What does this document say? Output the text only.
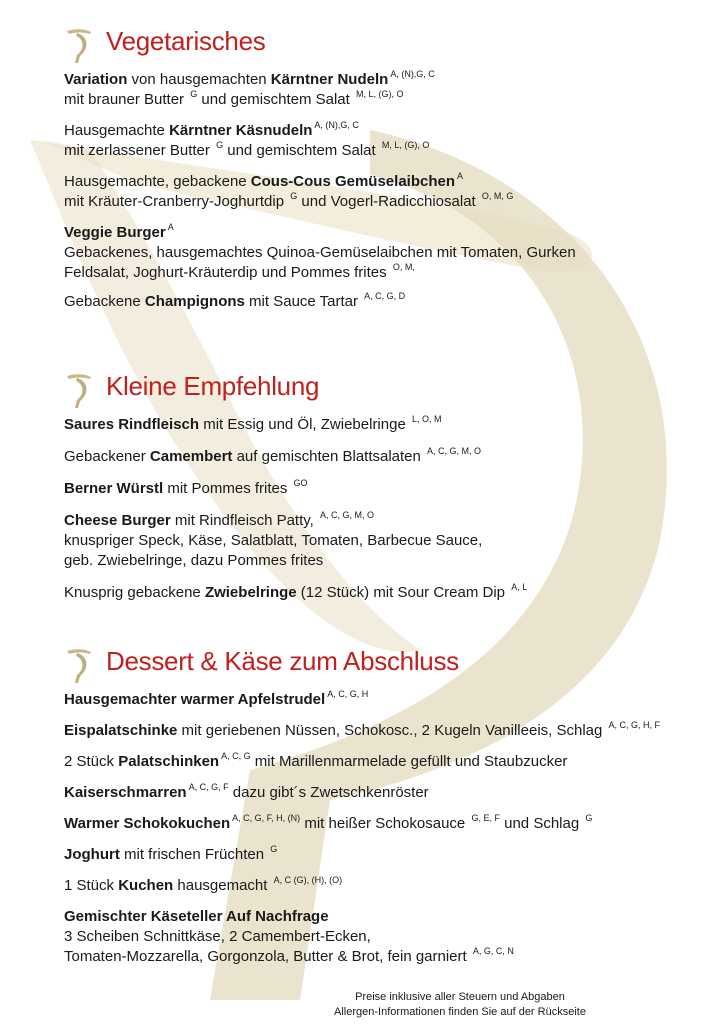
Vegetarisches
Variation von hausgemachten Kärntner Nudeln $^{A, (N),G, C}$
mit brauner Butter $^G$ und gemischtem Salat $^{M, L, (G), O}$
Hausgemachte Kärntner Käsnudeln $^{A, (N),G, C}$
mit zerlassener Butter $^G$ und gemischtem Salat $^{M, L, (G), O}$
Hausgemachte, gebackene Cous-Cous Gemüselaibchen $^A$
mit Kräuter-Cranberry-Joghurtdip $^G$ und Vogerl-Radicchiosalat $^{O, M, G}$
Veggie Burger $^A$
Gebackenes, hausgemachtes Quinoa-Gemüselaibchen mit Tomaten, Gurken
Feldsalat, Joghurt-Kräuterdip und Pommes frites $^{O, M,}$
Gebackene Champignons mit Sauce Tartar $^{A, C, G, D}$
Kleine Empfehlung
Saures Rindfleisch mit Essig und Öl, Zwiebelringe $^{L, O, M}$
Gebackener Camembert auf gemischten Blattsalaten $^{A, C, G, M, O}$
Berner Würstl mit Pommes frites $^{GO}$
Cheese Burger mit Rindfleisch Patty, $^{A, C, G, M, O}$
knuspriger Speck, Käse, Salatblatt, Tomaten, Barbecue Sauce,
geb. Zwiebelringe, dazu Pommes frites
Knusprig gebackene Zwiebelringe (12 Stück) mit Sour Cream Dip $^{A, L}$
Dessert & Käse zum Abschluss
Hausgemachter warmer Apfelstrudel $^{A, C, G, H}$
Eispalatschinke mit geriebenen Nüssen, Schokosc., 2 Kugeln Vanilleeis, Schlag $^{A, C, G, H, F}$
2 Stück Palatschinken $^{A, C, G}$ mit Marillenmarmelade gefüllt und Staubzucker
Kaiserschmarren $^{A, C, G, F}$ dazu gibt´s Zwetschkenröster
Warmer Schokokuchen $^{A, C, G, F, H, (N)}$ mit heißer Schokosauce $^{G, E, F}$ und Schlag $^G$
Joghurt mit frischen Früchten $^G$
1 Stück Kuchen hausgemacht $^{A, C (G), (H), (O)}$
Gemischter Käseteller Auf Nachfrage
3 Scheiben Schnittkäse, 2 Camembert-Ecken,
Tomaten-Mozzarella, Gorgonzola, Butter & Brot, fein garniert $^{A, G, C, N}$
Preise inklusive aller Steuern und Abgaben
Allergen-Informationen finden Sie auf der Rückseite
